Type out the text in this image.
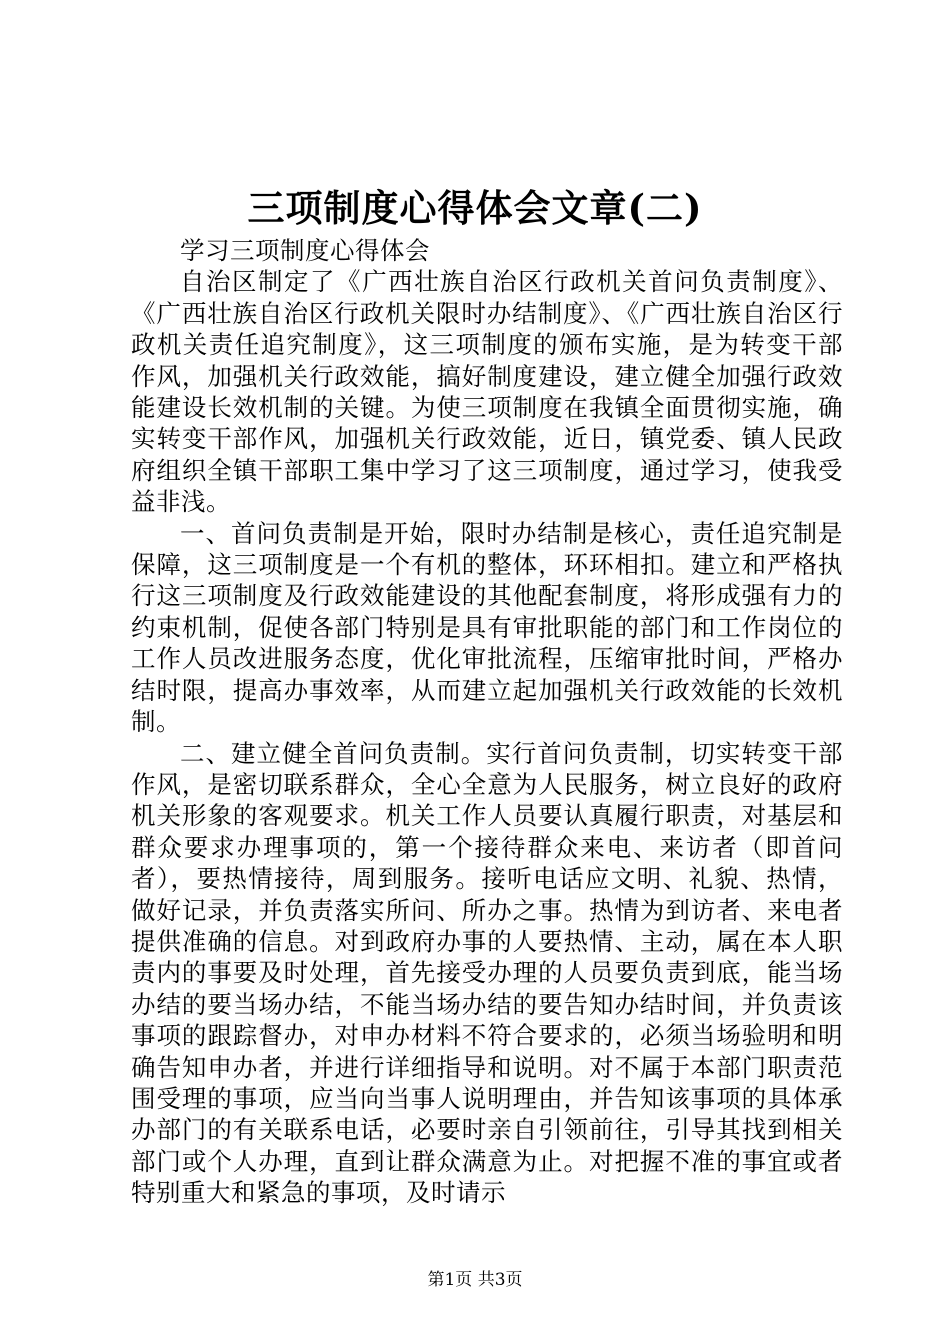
三项制度心得体会文章(二)
学习三项制度心得体会

自治区制定了《广西壮族自治区行政机关首问负责制度》、《广西壮族自治区行政机关限时办结制度》、《广西壮族自治区行政机关责任追究制度》，这三项制度的颁布实施，是为转变干部作风，加强机关行政效能，搞好制度建设，建立健全加强行政效能建设长效机制的关键。为使三项制度在我镇全面贯彻实施，确实转变干部作风，加强机关行政效能，近日，镇党委、镇人民政府组织全镇干部职工集中学习了这三项制度，通过学习，使我受益非浅。

一、首问负责制是开始，限时办结制是核心，责任追究制是保障，这三项制度是一个有机的整体，环环相扣。建立和严格执行这三项制度及行政效能建设的其他配套制度，将形成强有力的约束机制，促使各部门特别是具有审批职能的部门和工作岗位的工作人员改进服务态度，优化审批流程，压缩审批时间，严格办结时限，提高办事效率，从而建立起加强机关行政效能的长效机制。

二、建立健全首问负责制。实行首问负责制，切实转变干部作风，是密切联系群众，全心全意为人民服务，树立良好的政府机关形象的客观要求。机关工作人员要认真履行职责，对基层和群众要求办理事项的，第一个接待群众来电、来访者（即首问者），要热情接待，周到服务。接听电话应文明、礼貌、热情，做好记录，并负责落实所问、所办之事。热情为到访者、来电者提供准确的信息。对到政府办事的人要热情、主动，属在本人职责内的事要及时处理，首先接受办理的人员要负责到底，能当场办结的要当场办结，不能当场办结的要告知办结时间，并负责该事项的跟踪督办，对申办材料不符合要求的，必须当场验明和明确告知申办者，并进行详细指导和说明。对不属于本部门职责范围受理的事项，应当向当事人说明理由，并告知该事项的具体承办部门的有关联系电话，必要时亲自引领前往，引导其找到相关部门或个人办理，直到让群众满意为止。对把握不准的事宜或者特别重大和紧急的事项，及时请示

第1页 共3页
